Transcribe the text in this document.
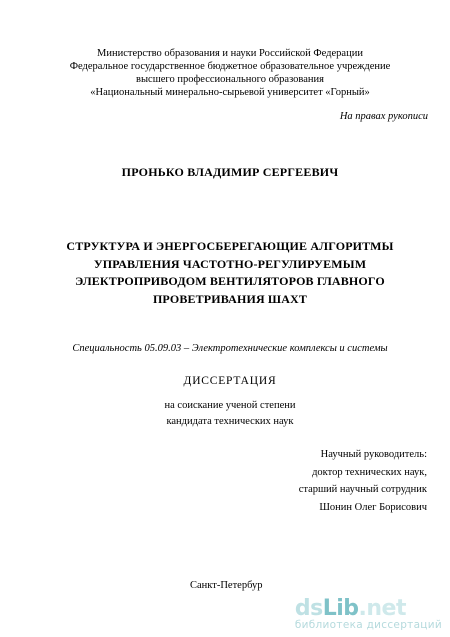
Министерство образования и науки Российской Федерации
Федеральное государственное бюджетное образовательное учреждение
высшего профессионального образования
«Национальный минерально-сырьевой университет «Горный»
На правах рукописи
ПРОНЬКО ВЛАДИМИР СЕРГЕЕВИЧ
СТРУКТУРА И ЭНЕРГОСБЕРЕГАЮЩИЕ АЛГОРИТМЫ
УПРАВЛЕНИЯ ЧАСТОТНО-РЕГУЛИРУЕМЫМ
ЭЛЕКТРОПРИВОДОМ ВЕНТИЛЯТОРОВ ГЛАВНОГО
ПРОВЕТРИВАНИЯ ШАХТ
Специальность 05.09.03 – Электротехнические комплексы и системы
ДИССЕРТАЦИЯ
на соискание ученой степени
кандидата технических наук
Научный руководитель:
доктор технических наук,
старший научный сотрудник
Шонин Олег Борисович
Санкт-Петербур
dsLib.net
библиотека диссертаций
